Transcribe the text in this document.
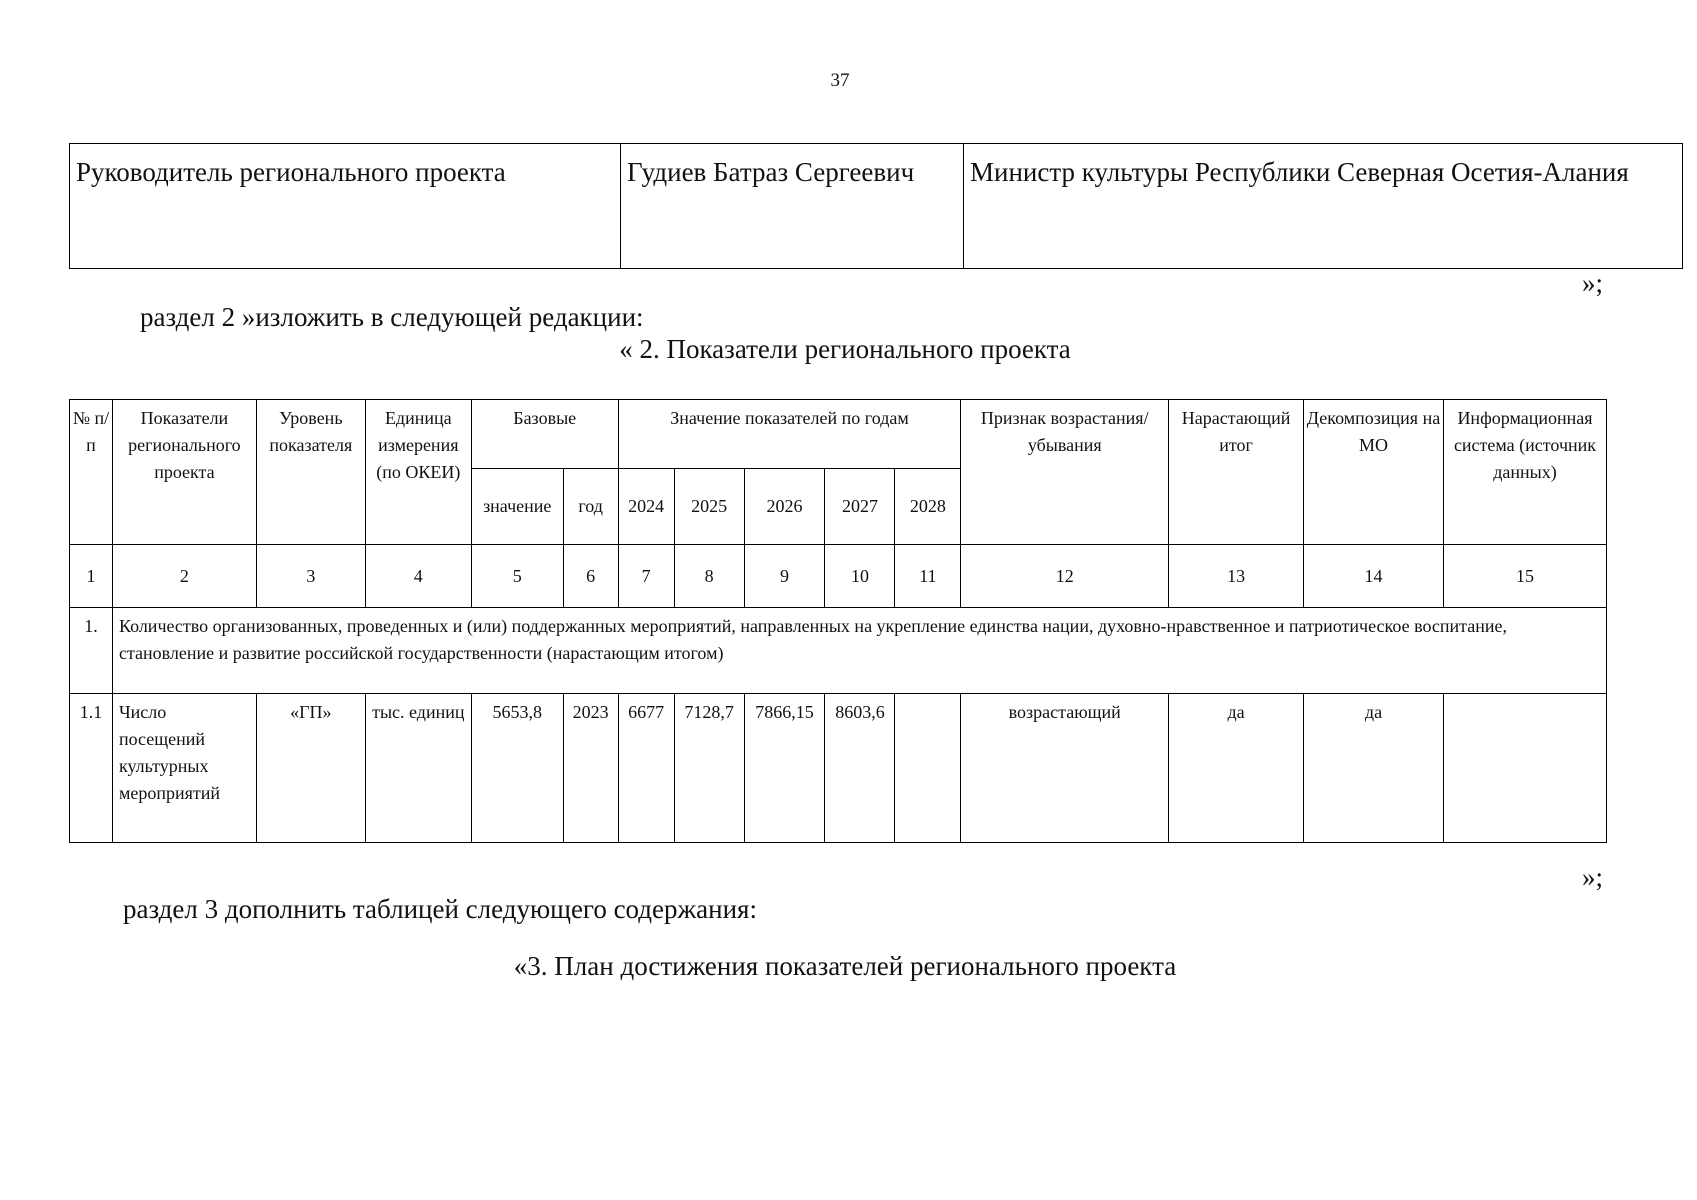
37
Руководитель регионального проекта	Гудиев Батраз Сергеевич	Министр культуры Республики Северная Осетия-Алания
»;
раздел 2 »изложить в следующей редакции:
« 2. Показатели регионального проекта
№ п/п	Показатели регионального проекта	Уровень показателя	Единица измерения (по ОКЕИ)	Базовые		Значение показателей по годам					Признак возрастания/убывания	Нарастающий итог	Декомпозиция на МО	Информационная система (источник данных)
				значение	год	2024	2025	2026	2027	2028				
1	2	3	4	5	6	7	8	9	10	11	12	13	14	15
1.	Количество организованных, проведенных и (или) поддержанных мероприятий, направленных на укрепление единства нации, духовно-нравственное и патриотическое воспитание, становление и развитие российской государственности (нарастающим итогом)													
1.1	Число посещений культурных мероприятий	«ГП»	тыс. единиц	5653,8	2023	6677	7128,7	7866,15	8603,6		возрастающий	да	да	
»;
раздел 3 дополнить таблицей следующего содержания:
«3. План достижения показателей регионального проекта
